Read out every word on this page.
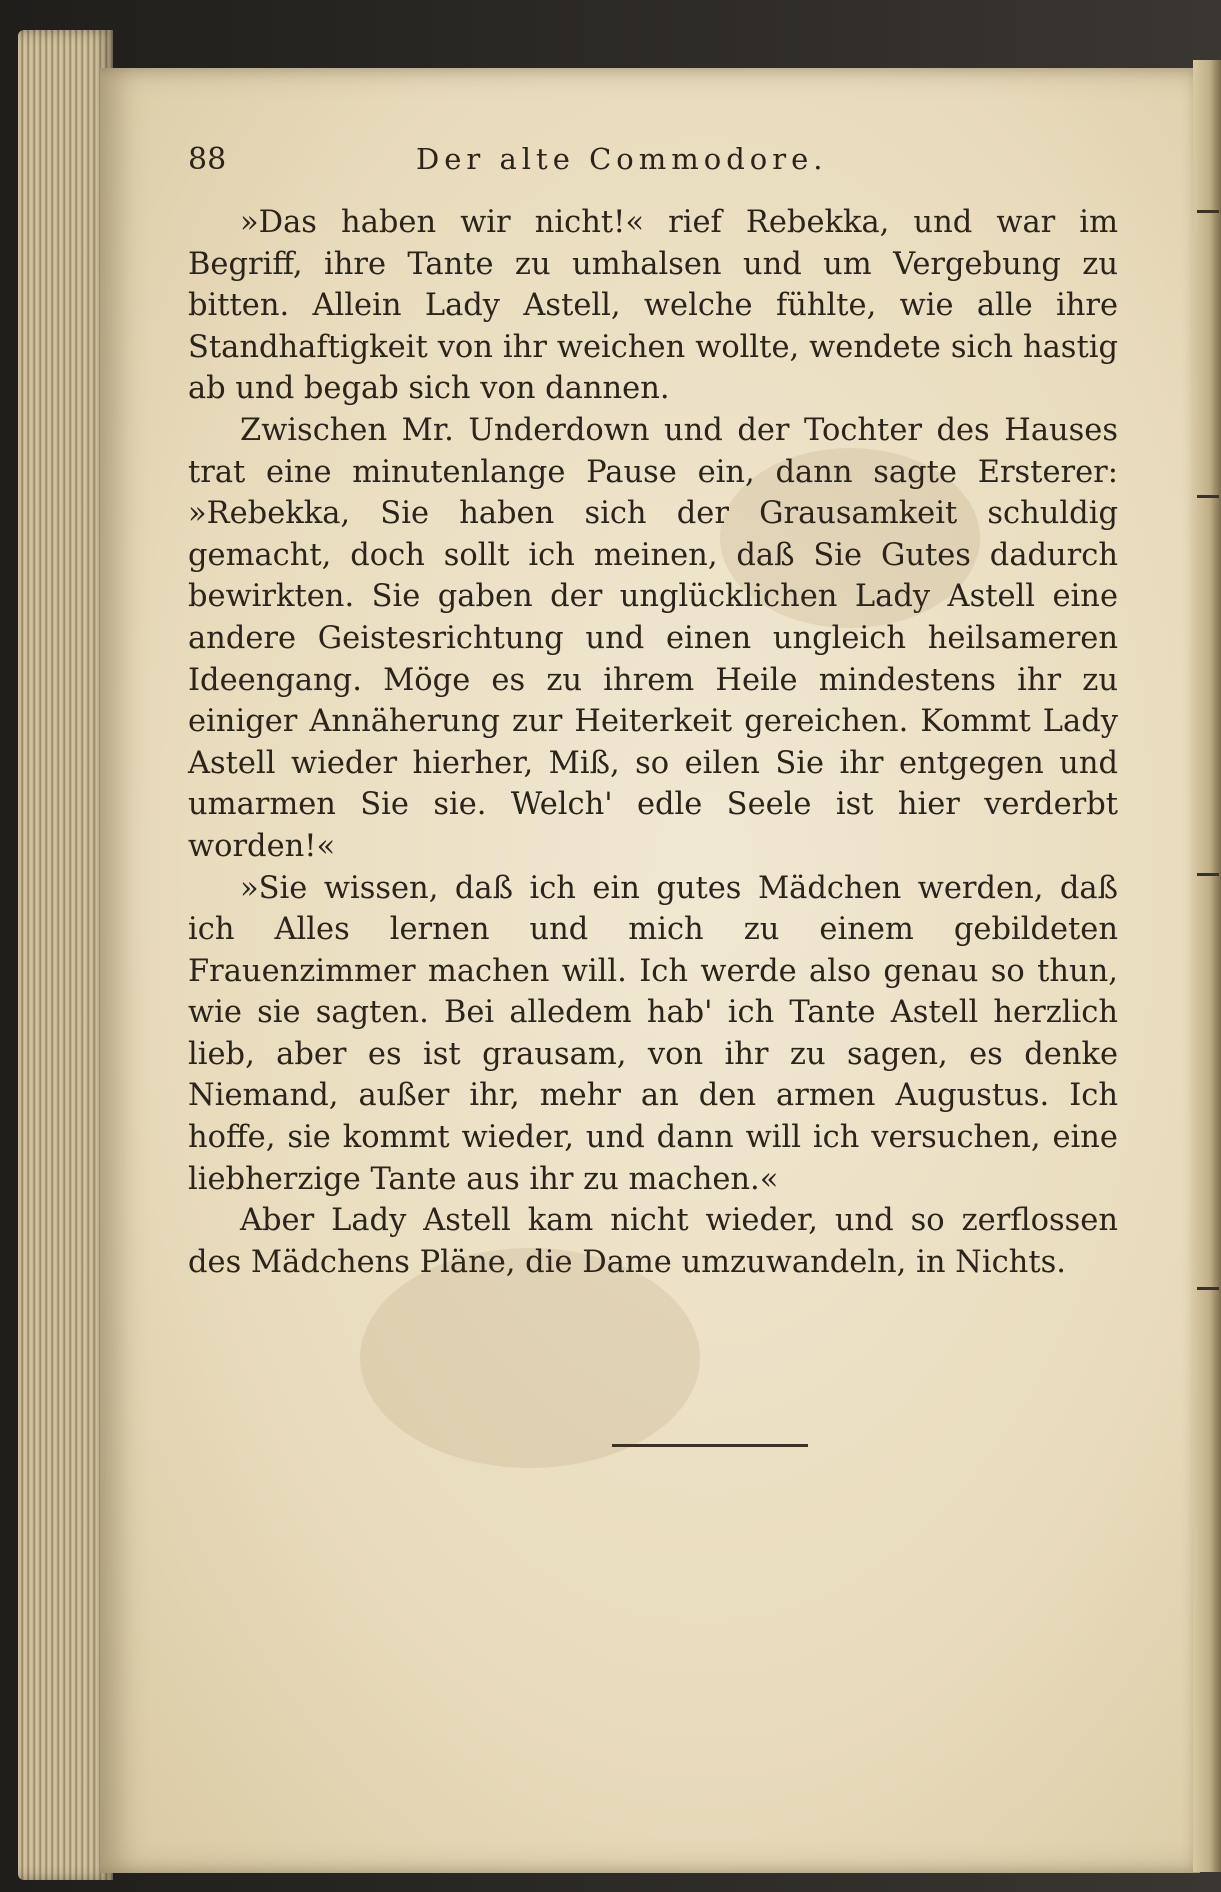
88	Der alte Commodore.

»Das haben wir nicht!« rief Rebekka, und war im Begriff, ihre Tante zu umhalsen und um Vergebung zu bitten. Allein Lady Astell, welche fühlte, wie alle ihre Standhaftigkeit von ihr weichen wollte, wendete sich hastig ab und begab sich von dannen.

Zwischen Mr. Underdown und der Tochter des Hauses trat eine minutenlange Pause ein, dann sagte Ersterer: »Rebekka, Sie haben sich der Grausamkeit schuldig gemacht, doch sollt ich meinen, daß Sie Gutes dadurch bewirkten. Sie gaben der unglücklichen Lady Astell eine andere Geistesrichtung und einen ungleich heilsameren Ideengang. Möge es zu ihrem Heile mindestens ihr zu einiger Annäherung zur Heiterkeit gereichen. Kommt Lady Astell wieder hierher, Miß, so eilen Sie ihr entgegen und umarmen Sie sie. Welch' edle Seele ist hier verderbt worden!«

»Sie wissen, daß ich ein gutes Mädchen werden, daß ich Alles lernen und mich zu einem gebildeten Frauenzimmer machen will. Ich werde also genau so thun, wie sie sagten. Bei alledem hab' ich Tante Astell herzlich lieb, aber es ist grausam, von ihr zu sagen, es denke Niemand, außer ihr, mehr an den armen Augustus. Ich hoffe, sie kommt wieder, und dann will ich versuchen, eine liebherzige Tante aus ihr zu machen.«

Aber Lady Astell kam nicht wieder, und so zerflossen des Mädchens Pläne, die Dame umzuwandeln, in Nichts.
